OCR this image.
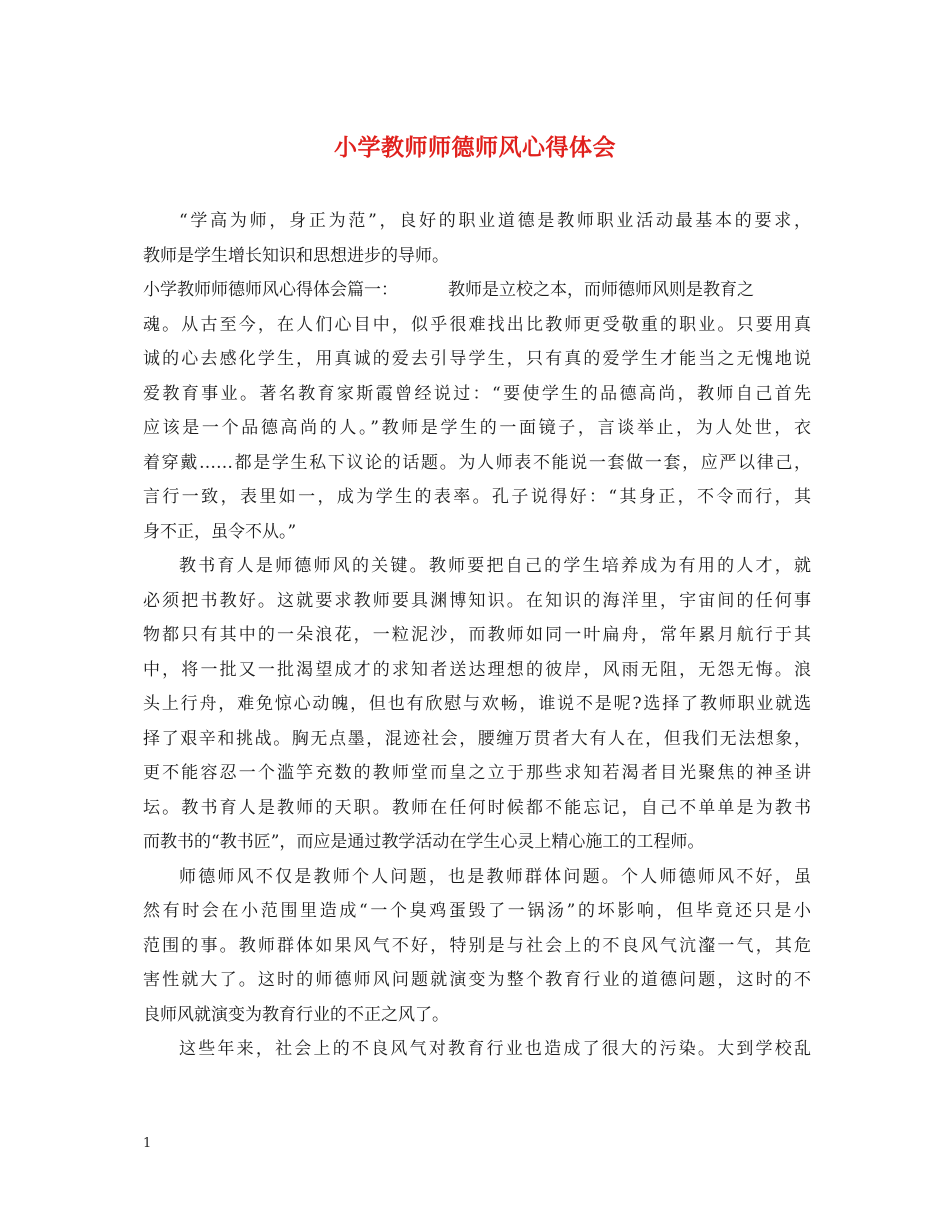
小学教师师德师风心得体会
“学高为师，身正为范”，良好的职业道德是教师职业活动最基本的要求，
教师是学生增长知识和思想进步的导师。
小学教师师德师风心得体会篇一：	教师是立校之本，而师德师风则是教育之
魂。从古至今，在人们心目中，似乎很难找出比教师更受敬重的职业。只要用真
诚的心去感化学生，用真诚的爱去引导学生，只有真的爱学生才能当之无愧地说
爱教育事业。著名教育家斯霞曾经说过：“要使学生的品德高尚，教师自己首先
应该是一个品德高尚的人。”教师是学生的一面镜子，言谈举止，为人处世，衣
着穿戴……都是学生私下议论的话题。为人师表不能说一套做一套，应严以律己，
言行一致，表里如一，成为学生的表率。孔子说得好：“其身正，不令而行，其
身不正，虽令不从。”
教书育人是师德师风的关键。教师要把自己的学生培养成为有用的人才，就
必须把书教好。这就要求教师要具渊博知识。在知识的海洋里，宇宙间的任何事
物都只有其中的一朵浪花，一粒泥沙，而教师如同一叶扁舟，常年累月航行于其
中，将一批又一批渴望成才的求知者送达理想的彼岸，风雨无阻，无怨无悔。浪
头上行舟，难免惊心动魄，但也有欣慰与欢畅，谁说不是呢?选择了教师职业就选
择了艰辛和挑战。胸无点墨，混迹社会，腰缠万贯者大有人在，但我们无法想象，
更不能容忍一个滥竽充数的教师堂而皇之立于那些求知若渴者目光聚焦的神圣讲
坛。教书育人是教师的天职。教师在任何时候都不能忘记，自己不单单是为教书
而教书的“教书匠”，而应是通过教学活动在学生心灵上精心施工的工程师。
师德师风不仅是教师个人问题，也是教师群体问题。个人师德师风不好，虽
然有时会在小范围里造成“一个臭鸡蛋毁了一锅汤”的坏影响，但毕竟还只是小
范围的事。教师群体如果风气不好，特别是与社会上的不良风气沆瀣一气，其危
害性就大了。这时的师德师风问题就演变为整个教育行业的道德问题，这时的不
良师风就演变为教育行业的不正之风了。
这些年来，社会上的不良风气对教育行业也造成了很大的污染。大到学校乱
1
